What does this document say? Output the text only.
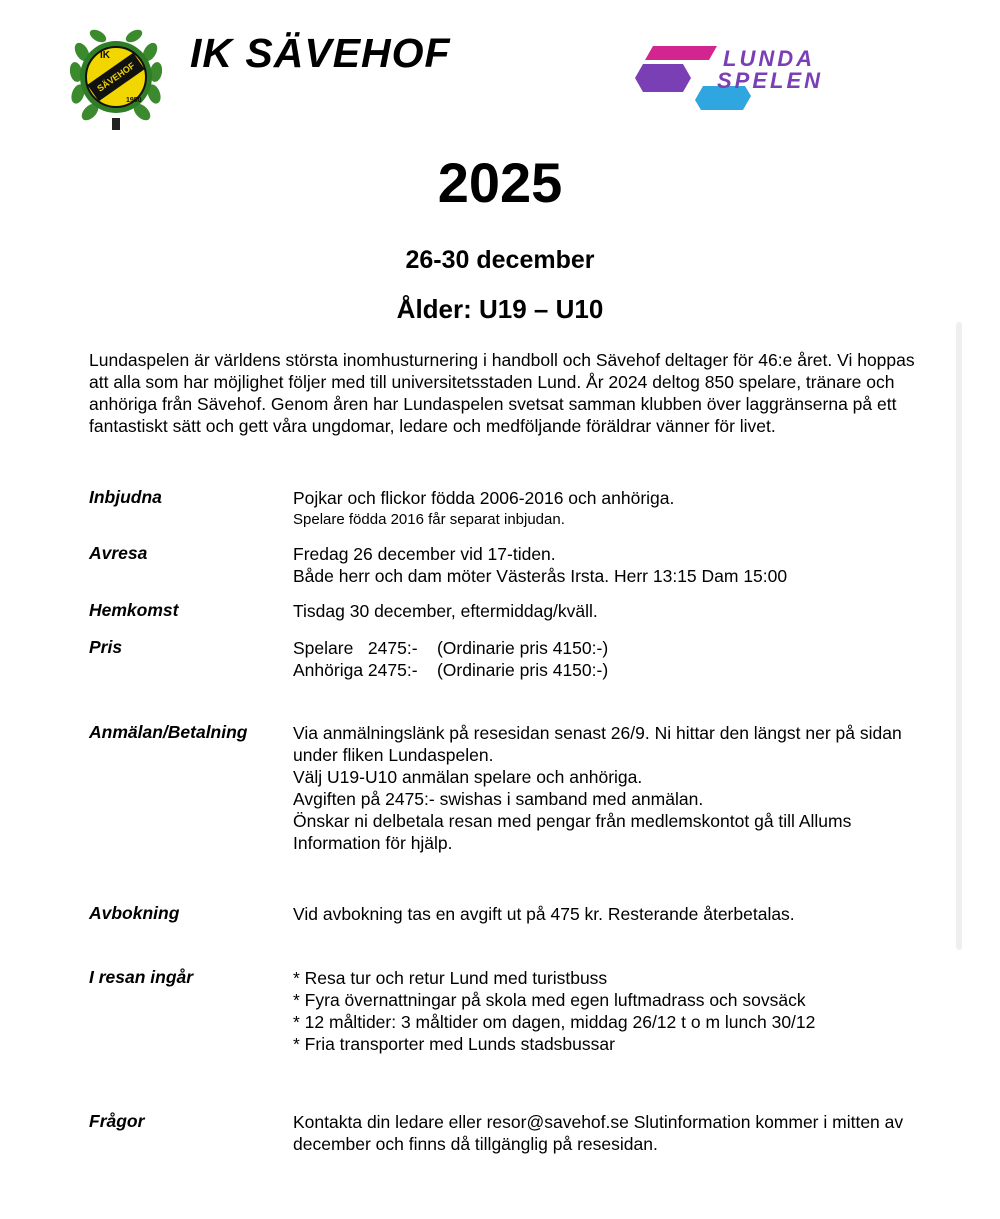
IK
SÄVEHOF
1950
IK SÄVEHOF	LUNDA
SPELEN
2025
26-30 december
Ålder: U19 – U10
Lundaspelen är världens största inomhusturnering i handboll och Sävehof deltager för 46:e året. Vi hoppas att alla som har möjlighet följer med till universitetsstaden Lund. År 2024 deltog 850 spelare, tränare och anhöriga från Sävehof. Genom åren har Lundaspelen svetsat samman klubben över laggränserna på ett fantastiskt sätt och gett våra ungdomar, ledare och medföljande föräldrar vänner för livet.
Inbjudna	Pojkar och flickor födda 2006-2016 och anhöriga.
Spelare födda 2016 får separat inbjudan.
Avresa	Fredag 26 december vid 17-tiden.
Både herr och dam möter Västerås Irsta. Herr 13:15 Dam 15:00
Hemkomst	Tisdag 30 december, eftermiddag/kväll.
Pris	Spelare   2475:-    (Ordinarie pris 4150:-)
Anhöriga 2475:-    (Ordinarie pris 4150:-)
Anmälan/Betalning	Via anmälningslänk på resesidan senast 26/9. Ni hittar den längst ner på sidan under fliken Lundaspelen.
Välj U19-U10 anmälan spelare och anhöriga.
Avgiften på 2475:- swishas i samband med anmälan.
Önskar ni delbetala resan med pengar från medlemskontot gå till Allums Information för hjälp.
Avbokning	Vid avbokning tas en avgift ut på 475 kr. Resterande återbetalas.
I resan ingår	* Resa tur och retur Lund med turistbuss
* Fyra övernattningar på skola med egen luftmadrass och sovsäck
* 12 måltider: 3 måltider om dagen, middag 26/12 t o m lunch 30/12
* Fria transporter med Lunds stadsbussar
Frågor	Kontakta din ledare eller resor@savehof.se Slutinformation kommer i mitten av december och finns då tillgänglig på resesidan.
